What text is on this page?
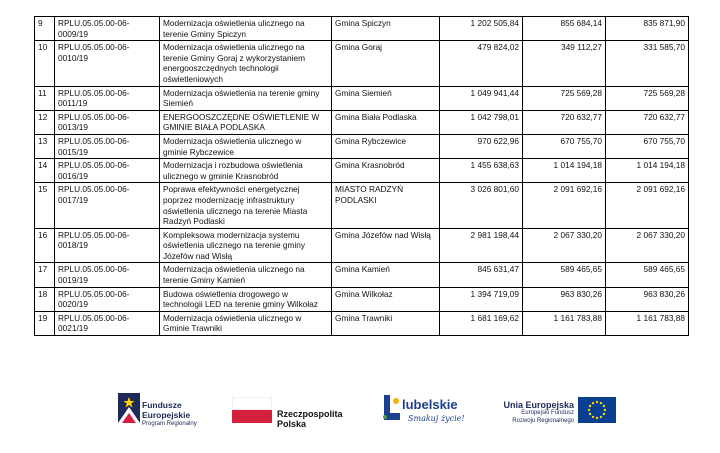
9	RPLU.05.05.00-06-0009/19	Modernizacja oświetlenia ulicznego na terenie Gminy Spiczyn	Gmina Spiczyn	1 202 505,84	855 684,14	835 871,90
10	RPLU.05.05.00-06-0010/19	Modernizacja oświetlenia ulicznego na terenie Gminy Goraj z wykorzystaniem energooszczędnych technologii oświetleniowych	Gmina Goraj	479 824,02	349 112,27	331 585,70
11	RPLU.05.05.00-06-0011/19	Modernizacja oświetlenia na terenie gminy Siemień	Gmina Siemień	1 049 941,44	725 569,28	725 569,28
12	RPLU.05.05.00-06-0013/19	ENERGOOSZCZĘDNE OŚWIETLENIE W GMINIE BIAŁA PODLASKA	Gmina Biała Podlaska	1 042 798,01	720 632,77	720 632,77
13	RPLU.05.05.00-06-0015/19	Modernizacja oświetlenia ulicznego w gminie Rybczewice	Gmina Rybczewice	970 622,96	670 755,70	670 755,70
14	RPLU.05.05.00-06-0016/19	Modernizacja i rozbudowa oświetlenia ulicznego w gminie Krasnobród	Gmina Krasnobród	1 455 638,63	1 014 194,18	1 014 194,18
15	RPLU.05.05.00-06-0017/19	Poprawa efektywności energetycznej poprzez modernizację infrastruktury oświetlenia ulicznego na terenie Miasta Radzyń Podlaski	MIASTO RADZYŃ PODLASKI	3 026 801,60	2 091 692,16	2 091 692,16
16	RPLU.05.05.00-06-0018/19	Kompleksowa modernizacja systemu oświetlenia ulicznego na terenie gminy Józefów nad Wisłą	Gmina Józefów nad Wisłą	2 981 198,44	2 067 330,20	2 067 330,20
17	RPLU.05.05.00-06-0019/19	Modernizacja oświetlenia ulicznego na terenie Gminy Kamień	Gmina Kamień	845 631,47	589 465,65	589 465,65
18	RPLU.05.05.00-06-0020/19	Budowa oświetlenia drogowego w technologii LED na terenie gminy Wilkołaz	Gmina Wilkołaz	1 394 719,09	963 830,26	963 830,26
19	RPLU.05.05.00-06-0021/19	Modernizacja oświetlenia ulicznego w Gminie Trawniki	Gmina Trawniki	1 681 169,62	1 161 783,88	1 161 783,88
Fundusze
Europejskie
Program Regionalny
Rzeczpospolita
Polska
lubelskie
Smakuj życie!
Unia Europejska
Europejski Fundusz
Rozwoju Regionalnego
